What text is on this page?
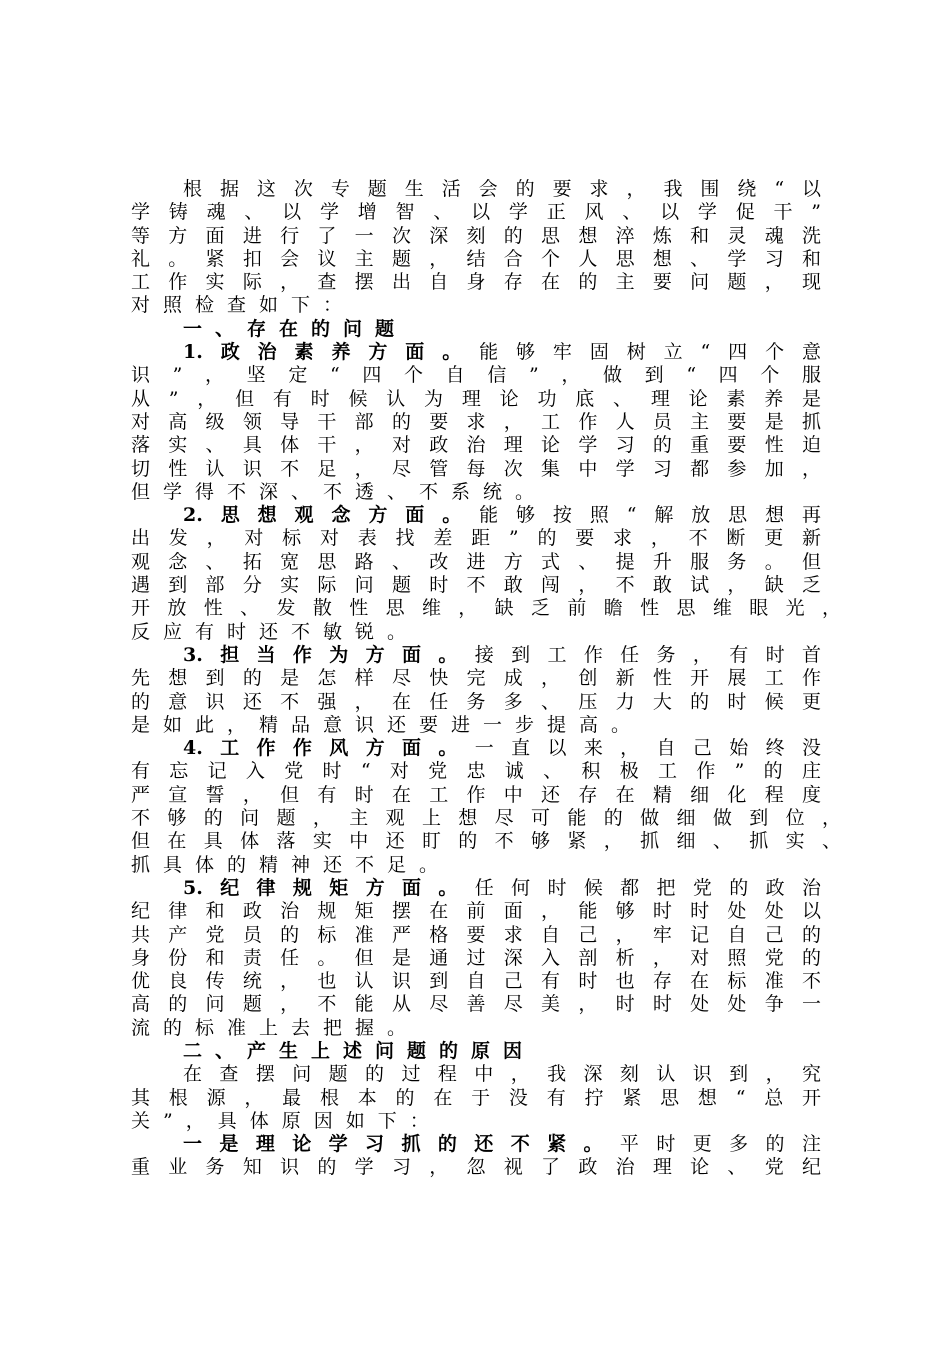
根据这次专题生活会的要求，我围绕“以
学铸魂、以学增智、以学正风、以学促干”
等方面进行了一次深刻的思想淬炼和灵魂洗
礼。紧扣会议主题，结合个人思想、学习和
工作实际，查摆出自身存在的主要问题，现
对照检查如下：
一、存在的问题
1.政治素养方面。能够牢固树立“四个意
识”，坚定“四个自信”，做到“四个服
从”，但有时候认为理论功底、理论素养是
对高级领导干部的要求，工作人员主要是抓
落实、具体干，对政治理论学习的重要性迫
切性认识不足，尽管每次集中学习都参加，
但学得不深、不透、不系统。
2.思想观念方面。能够按照“解放思想再
出发，对标对表找差距”的要求，不断更新
观念、拓宽思路、改进方式、提升服务。但
遇到部分实际问题时不敢闯，不敢试，缺乏
开放性、发散性思维，缺乏前瞻性思维眼光，
反应有时还不敏锐。
3.担当作为方面。接到工作任务，有时首
先想到的是怎样尽快完成，创新性开展工作
的意识还不强，在任务多、压力大的时候更
是如此，精品意识还要进一步提高。
4.工作作风方面。一直以来，自己始终没
有忘记入党时“对党忠诚、积极工作”的庄
严宣誓，但有时在工作中还存在精细化程度
不够的问题，主观上想尽可能的做细做到位，
但在具体落实中还盯的不够紧，抓细、抓实、
抓具体的精神还不足。
5.纪律规矩方面。任何时候都把党的政治
纪律和政治规矩摆在前面，能够时时处处以
共产党员的标准严格要求自己，牢记自己的
身份和责任。但是通过深入剖析，对照党的
优良传统，也认识到自己有时也存在标准不
高的问题，不能从尽善尽美，时时处处争一
流的标准上去把握。
二、产生上述问题的原因
在查摆问题的过程中，我深刻认识到，究
其根源，最根本的在于没有拧紧思想“总开
关”，具体原因如下：
一是理论学习抓的还不紧。平时更多的注
重业务知识的学习，忽视了政治理论、党纪
